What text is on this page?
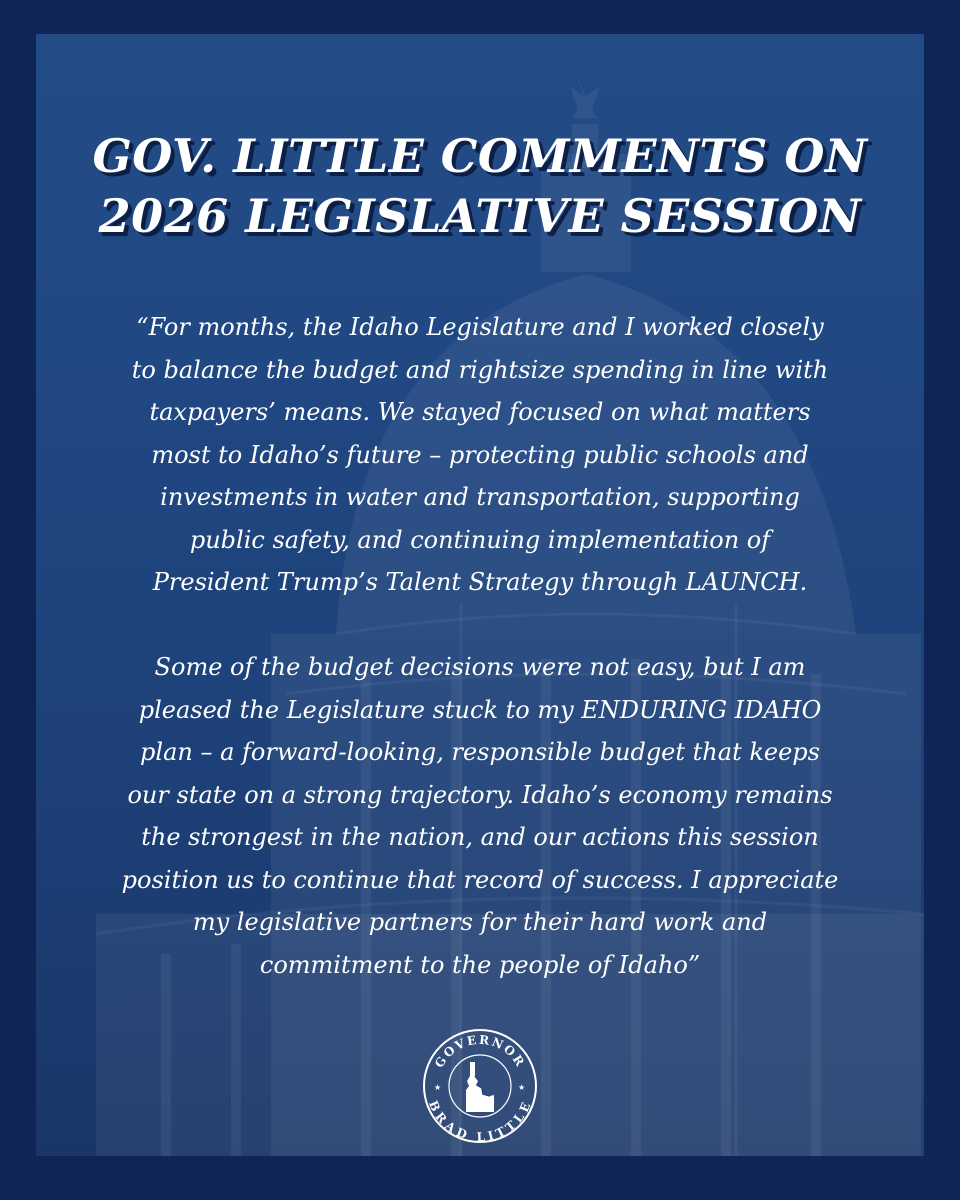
GOV. LITTLE COMMENTS ON
2026 LEGISLATIVE SESSION

“For months, the Idaho Legislature and I worked closely
to balance the budget and rightsize spending in line with
taxpayers’ means. We stayed focused on what matters
most to Idaho’s future – protecting public schools and
investments in water and transportation, supporting
public safety, and continuing implementation of
President Trump’s Talent Strategy through LAUNCH.
Some of the budget decisions were not easy, but I am
pleased the Legislature stuck to my ENDURING IDAHO
plan – a forward-looking, responsible budget that keeps
our state on a strong trajectory. Idaho’s economy remains
the strongest in the nation, and our actions this session
position us to continue that record of success. I appreciate
my legislative partners for their hard work and
commitment to the people of Idaho”

GOVERNOR
BRAD LITTLE
★	★
